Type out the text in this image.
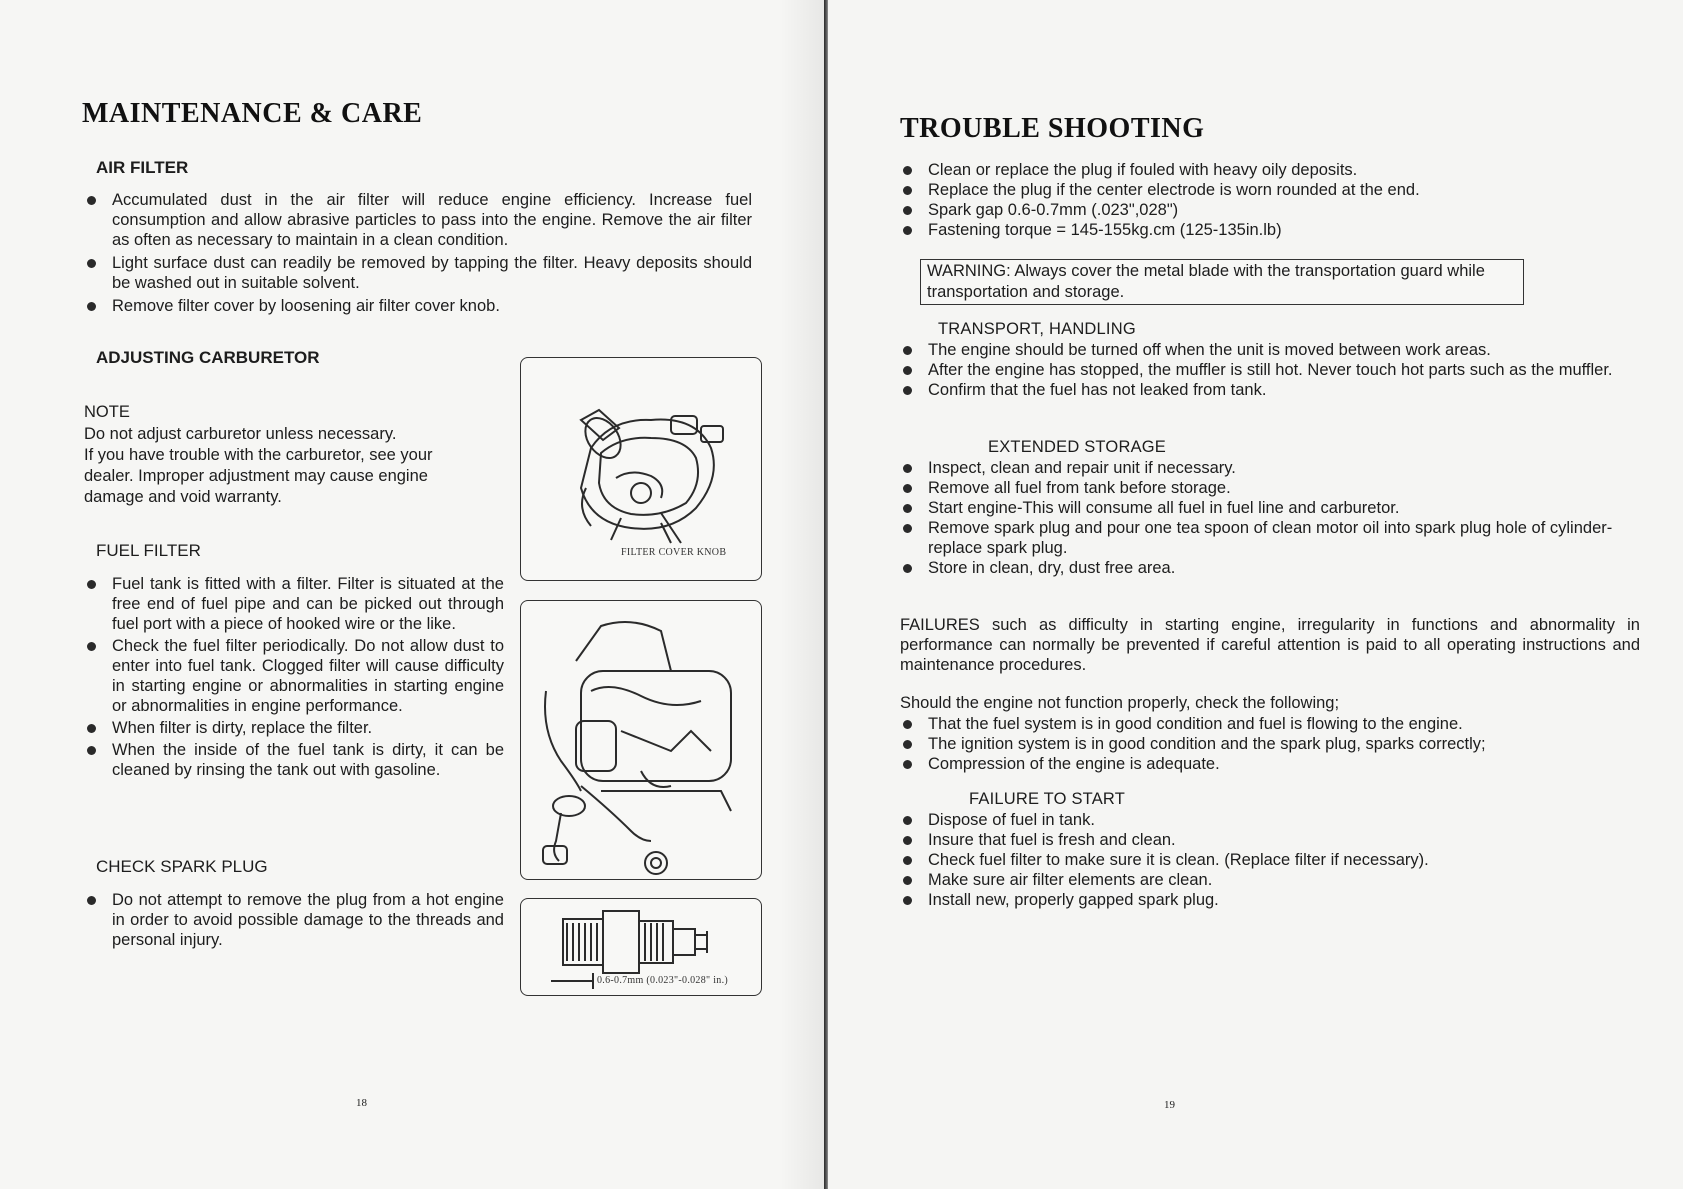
MAINTENANCE & CARE

AIR FILTER

Accumulated dust in the air filter will reduce engine efficiency. Increase fuel consumption and allow abrasive particles to pass into the engine. Remove the air filter as often as necessary to maintain in a clean condition.
Light surface dust can readily be removed by tapping the filter. Heavy deposits should be washed out in suitable solvent.
Remove filter cover by loosening air filter cover knob.

ADJUSTING CARBURETOR

NOTE

Do not adjust carburetor unless necessary.
If you have trouble with the carburetor, see your
dealer. Improper adjustment may cause engine
damage and void warranty.

FUEL FILTER

Fuel tank is fitted with a filter. Filter is situated at the free end of fuel pipe and can be picked out through fuel port with a piece of hooked wire or the like.
Check the fuel filter periodically. Do not allow dust to enter into fuel tank. Clogged filter will cause difficulty in starting engine or abnormalities in starting engine or abnormalities in engine performance.
When filter is dirty, replace the filter.
When the inside of the fuel tank is dirty, it can be cleaned by rinsing the tank out with gasoline.

CHECK SPARK PLUG

Do not attempt to remove the plug from a hot engine in order to avoid possible damage to the threads and personal injury.
FILTER COVER KNOB
0.6-0.7mm (0.023"-0.028" in.)
18
TROUBLE SHOOTING
Clean or replace the plug if fouled with heavy oily deposits.
Replace the plug if the center electrode is worn rounded at the end.
Spark gap 0.6-0.7mm (.023",028")
Fastening torque = 145-155kg.cm (125-135in.lb)
WARNING: Always cover the metal blade with the transportation guard while transportation and storage.

TRANSPORT, HANDLING

The engine should be turned off when the unit is moved between work areas.
After the engine has stopped, the muffler is still hot. Never touch hot parts such as the muffler.
Confirm that the fuel has not leaked from tank.

EXTENDED STORAGE

Inspect, clean and repair unit if necessary.
Remove all fuel from tank before storage.
Start engine-This will consume all fuel in fuel line and carburetor.
Remove spark plug and pour one tea spoon of clean motor oil into spark plug hole of cylinder-replace spark plug.
Store in clean, dry, dust free area.

FAILURES such as difficulty in starting engine, irregularity in functions and abnormality in performance can normally be prevented if careful attention is paid to all operating instructions and maintenance procedures.

Should the engine not function properly, check the following;

That the fuel system is in good condition and fuel is flowing to the engine.
The ignition system is in good condition and the spark plug, sparks correctly;
Compression of the engine is adequate.

FAILURE TO START

Dispose of fuel in tank.
Insure that fuel is fresh and clean.
Check fuel filter to make sure it is clean. (Replace filter if necessary).
Make sure air filter elements are clean.
Install new, properly gapped spark plug.
19
